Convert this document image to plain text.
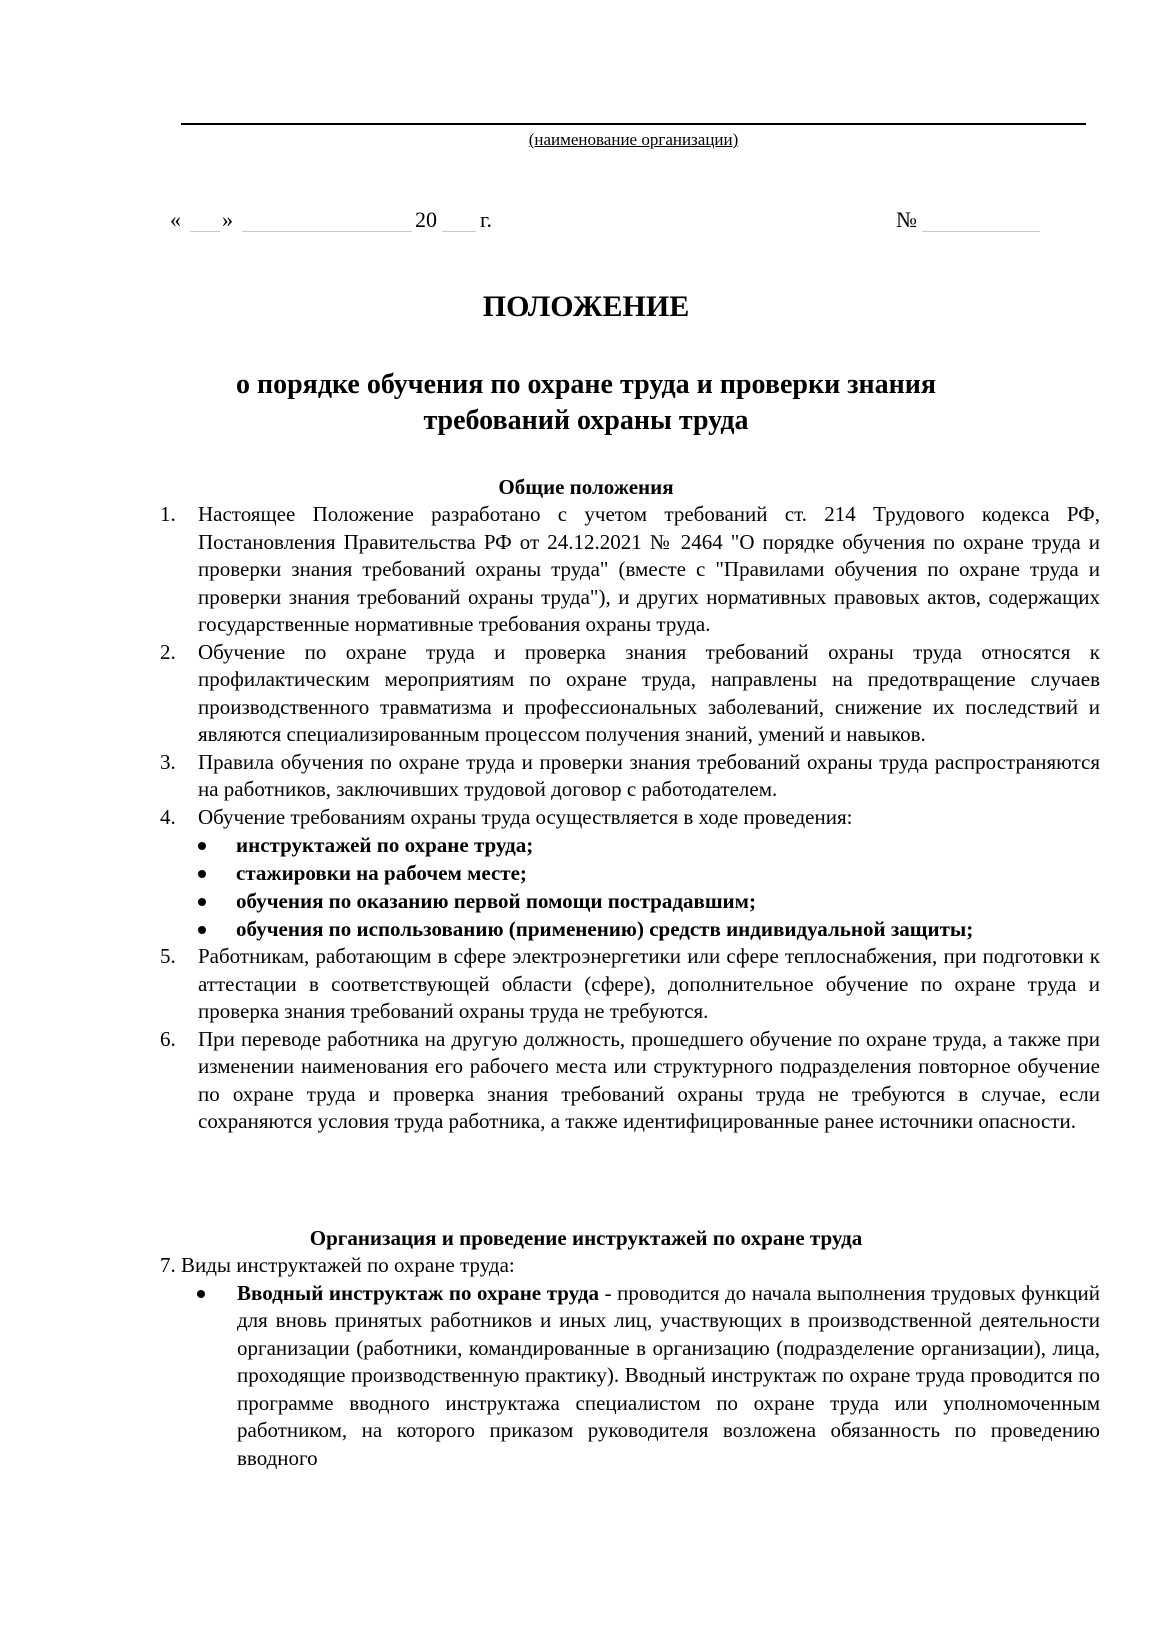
(наименование организации)
« »	20 г.	№
ПОЛОЖЕНИЕ
о порядке обучения по охране труда и проверки знания
требований охраны труда
Общие положения
1. Настоящее Положение разработано с учетом требований ст. 214 Трудового кодекса РФ, Постановления Правительства РФ от 24.12.2021 № 2464 "О порядке обучения по охране труда и проверки знания требований охраны труда" (вместе с "Правилами обучения по охране труда и проверки знания требований охраны труда"), и других нормативных правовых актов, содержащих государственные нормативные требования охраны труда.
2. Обучение по охране труда и проверка знания требований охраны труда относятся к профилактическим мероприятиям по охране труда, направлены на предотвращение случаев производственного травматизма и профессиональных заболеваний, снижение их последствий и являются специализированным процессом получения знаний, умений и навыков.
3. Правила обучения по охране труда и проверки знания требований охраны труда распространяются на работников, заключивших трудовой договор с работодателем.
4. Обучение требованиям охраны труда осуществляется в ходе проведения:
инструктажей по охране труда;
стажировки на рабочем месте;
обучения по оказанию первой помощи пострадавшим;
обучения по использованию (применению) средств индивидуальной защиты;
5. Работникам, работающим в сфере электроэнергетики или сфере теплоснабжения, при подготовки к аттестации в соответствующей области (сфере), дополнительное обучение по охране труда и проверка знания требований охраны труда не требуются.
6. При переводе работника на другую должность, прошедшего обучение по охране труда, а также при изменении наименования его рабочего места или структурного подразделения повторное обучение по охране труда и проверка знания требований охраны труда не требуются в случае, если сохраняются условия труда работника, а также идентифицированные ранее источники опасности.
Организация и проведение инструктажей по охране труда
7. Виды инструктажей по охране труда:
Вводный инструктаж по охране труда - проводится до начала выполнения трудовых функций для вновь принятых работников и иных лиц, участвующих в производственной деятельности организации (работники, командированные в организацию (подразделение организации), лица, проходящие производственную практику). Вводный инструктаж по охране труда проводится по программе вводного инструктажа специалистом по охране труда или уполномоченным работником, на которого приказом руководителя возложена обязанность по проведению вводного
